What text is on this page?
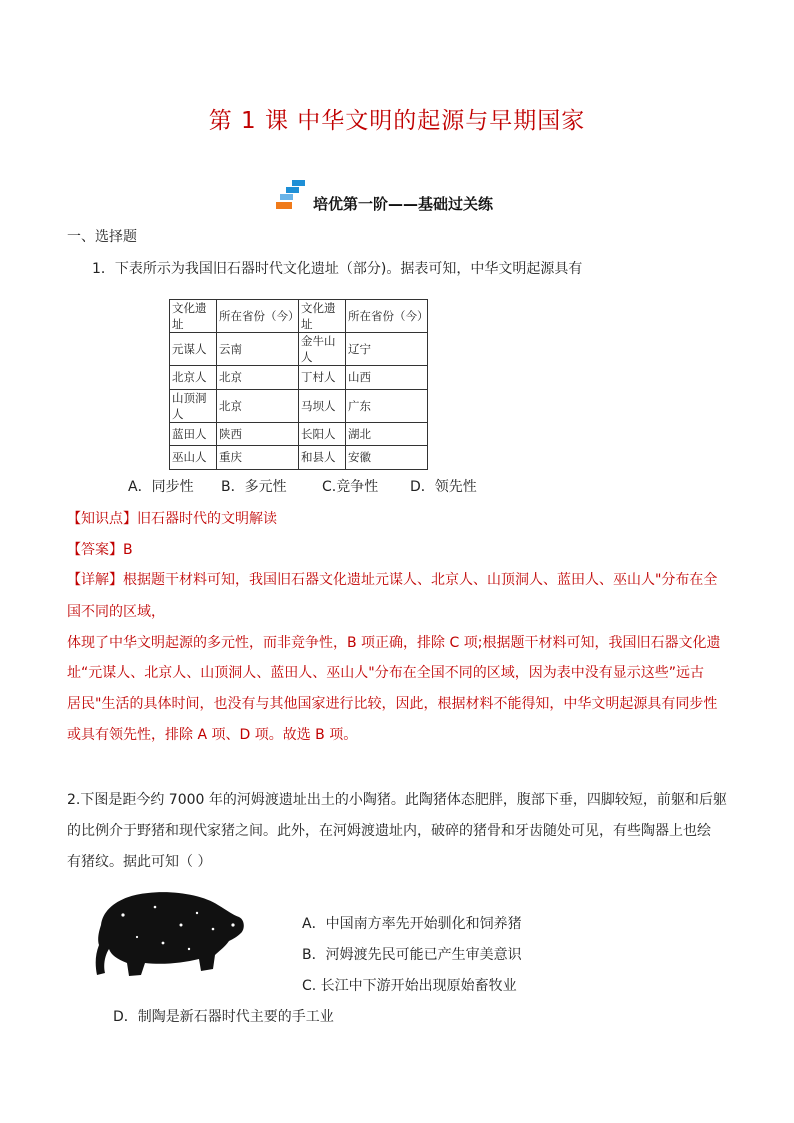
第 1 课 中华文明的起源与早期国家
培优第一阶——基础过关练
一、选择题
1．下表所示为我国旧石器时代文化遗址（部分)。据表可知，中华文明起源具有
文化遗址	所在省份（今）	文化遗址	所在省份（今）
元谋人	云南	金牛山人	辽宁
北京人	北京	丁村人	山西
山顶洞人	北京	马坝人	广东
蓝田人	陕西	长阳人	湖北
巫山人	重庆	和县人	安徽
A．同步性 B．多元性	C.竞争性 D．领先性
【知识点】旧石器时代的文明解读
【答案】B
【详解】根据题干材料可知，我国旧石器文化遗址元谋人、北京人、山顶洞人、蓝田人、巫山人"分布在全
国不同的区域，
体现了中华文明起源的多元性，而非竞争性，B 项正确，排除 C 项;根据题干材料可知，我国旧石器文化遗
址“元谋人、北京人、山顶洞人、蓝田人、巫山人"分布在全国不同的区域，因为表中没有显示这些”远古
居民"生活的具体时间，也没有与其他国家进行比较，因此，根据材料不能得知，中华文明起源具有同步性
或具有领先性，排除 A 项、D 项。故选 B 项。
2.下图是距今约 7000 年的河姆渡遗址出土的小陶猪。此陶猪体态肥胖，腹部下垂，四脚较短，前躯和后躯
的比例介于野猪和现代家猪之间。此外，在河姆渡遗址内，破碎的猪骨和牙齿随处可见，有些陶器上也绘
有猪纹。据此可知（ ）
A．中国南方率先开始驯化和饲养猪
B．河姆渡先民可能已产生审美意识
C. 长江中下游开始出现原始畜牧业
D．制陶是新石器时代主要的手工业
